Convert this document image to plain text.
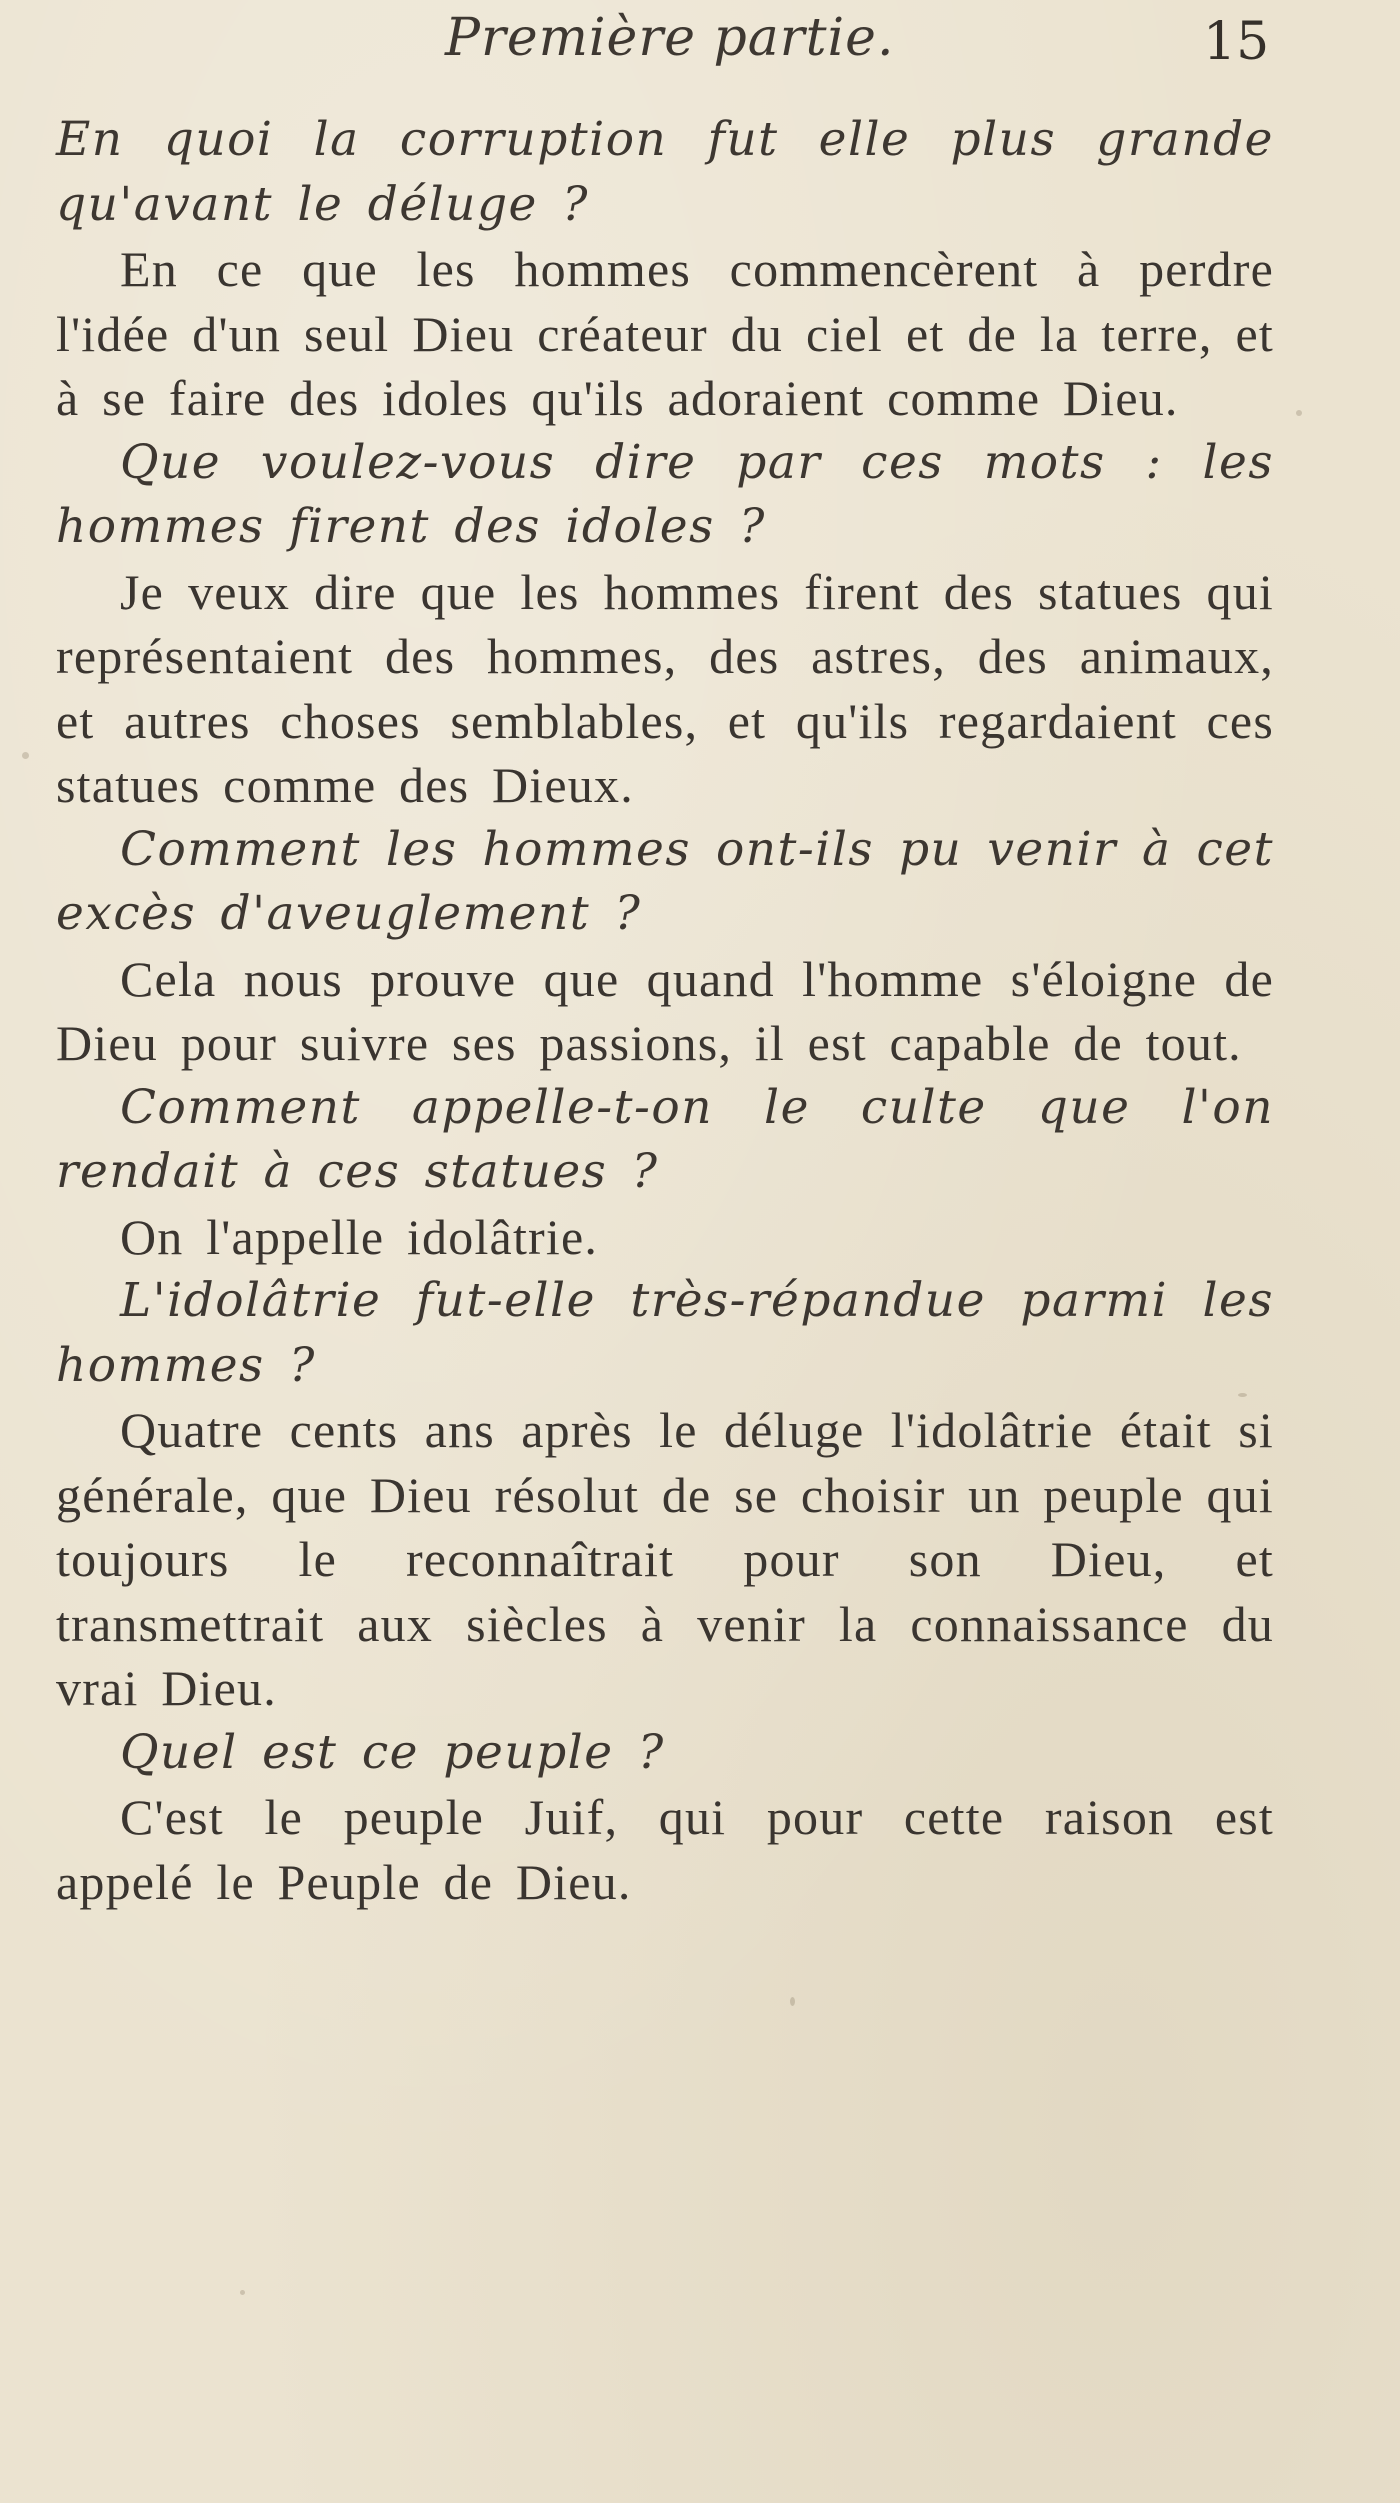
Première partie.	15

En quoi la corruption fut elle plus grande qu'avant le déluge ?

En ce que les hommes commencèrent à perdre l'idée d'un seul Dieu créateur du ciel et de la terre, et à se faire des idoles qu'ils adoraient comme Dieu.

Que voulez-vous dire par ces mots : les hommes firent des idoles ?

Je veux dire que les hommes firent des statues qui représentaient des hommes, des astres, des animaux, et autres choses semblables, et qu'ils regardaient ces statues comme des Dieux.

Comment les hommes ont-ils pu venir à cet excès d'aveuglement ?

Cela nous prouve que quand l'homme s'éloigne de Dieu pour suivre ses passions, il est capable de tout.

Comment appelle-t-on le culte que l'on rendait à ces statues ?

On l'appelle idolâtrie.

L'idolâtrie fut-elle très-répandue parmi les hommes ?

Quatre cents ans après le déluge l'idolâtrie était si générale, que Dieu résolut de se choisir un peuple qui toujours le reconnaîtrait pour son Dieu, et transmettrait aux siècles à venir la connaissance du vrai Dieu.

Quel est ce peuple ?

C'est le peuple Juif, qui pour cette raison est appelé le Peuple de Dieu.
